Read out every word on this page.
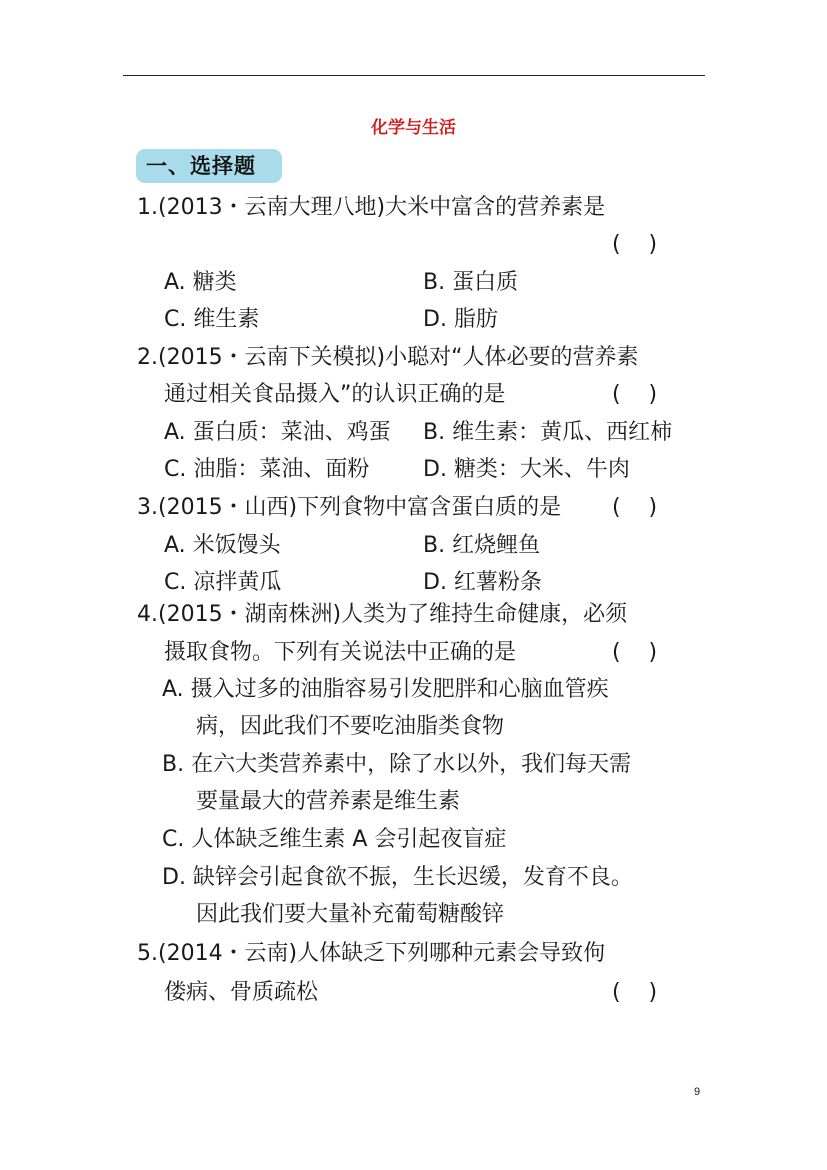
化学与生活
一、选择题
1.(2013・云南大理八地)大米中富含的营养素是
(    )
A. 糖类	B. 蛋白质
C. 维生素	D. 脂肪
2.(2015・云南下关模拟)小聪对“人体必要的营养素
通过相关食品摄入”的认识正确的是	(    )
A. 蛋白质：菜油、鸡蛋 B. 维生素：黄瓜、西红柿
C. 油脂：菜油、面粉 D. 糖类：大米、牛肉
3.(2015・山西)下列食物中富含蛋白质的是 (    )
A. 米饭馒头	B. 红烧鲤鱼
C. 凉拌黄瓜	D. 红薯粉条
4.(2015・湖南株洲)人类为了维持生命健康，必须
摄取食物。下列有关说法中正确的是	(    )
A. 摄入过多的油脂容易引发肥胖和心脑血管疾
病，因此我们不要吃油脂类食物
B. 在六大类营养素中，除了水以外，我们每天需
要量最大的营养素是维生素
C. 人体缺乏维生素 A 会引起夜盲症
D. 缺锌会引起食欲不振，生长迟缓，发育不良。
因此我们要大量补充葡萄糖酸锌
5.(2014・云南)人体缺乏下列哪种元素会导致佝
偻病、骨质疏松	(    )
9
